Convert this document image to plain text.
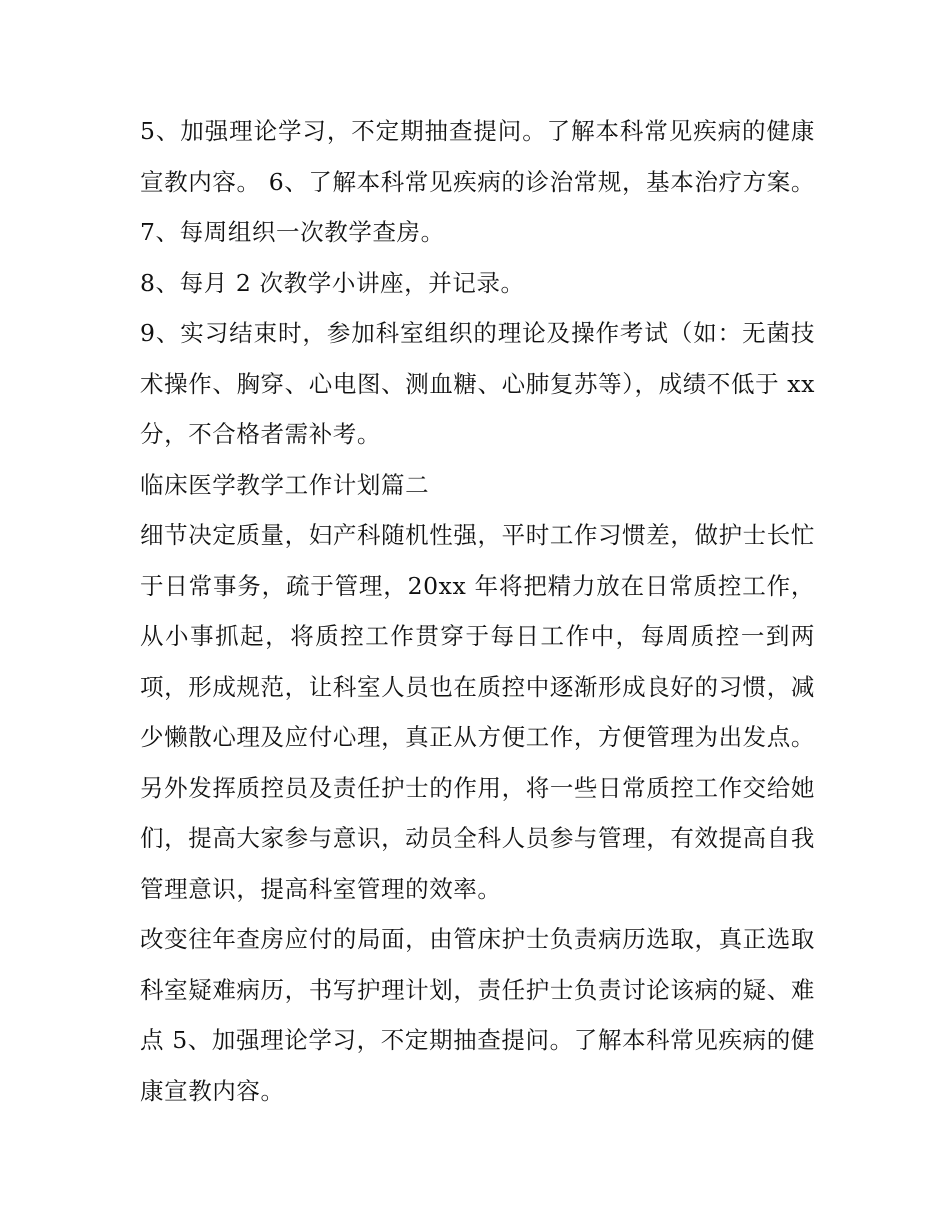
5、加强理论学习，不定期抽查提问。了解本科常见疾病的健康宣教内容。 6、了解本科常见疾病的诊治常规，基本治疗方案。 7、每周组织一次教学查房。

8、每月 2 次教学小讲座，并记录。

9、实习结束时，参加科室组织的理论及操作考试（如：无菌技术操作、胸穿、心电图、测血糖、心肺复苏等），成绩不低于 xx 分，不合格者需补考。

临床医学教学工作计划篇二

细节决定质量，妇产科随机性强，平时工作习惯差，做护士长忙于日常事务，疏于管理，20xx 年将把精力放在日常质控工作，从小事抓起，将质控工作贯穿于每日工作中，每周质控一到两项，形成规范，让科室人员也在质控中逐渐形成良好的习惯，减少懒散心理及应付心理，真正从方便工作，方便管理为出发点。另外发挥质控员及责任护士的作用，将一些日常质控工作交给她们，提高大家参与意识，动员全科人员参与管理，有效提高自我管理意识，提高科室管理的效率。

改变往年查房应付的局面，由管床护士负责病历选取，真正选取科室疑难病历，书写护理计划，责任护士负责讨论该病的疑、难点 5、加强理论学习，不定期抽查提问。了解本科常见疾病的健康宣教内容。
